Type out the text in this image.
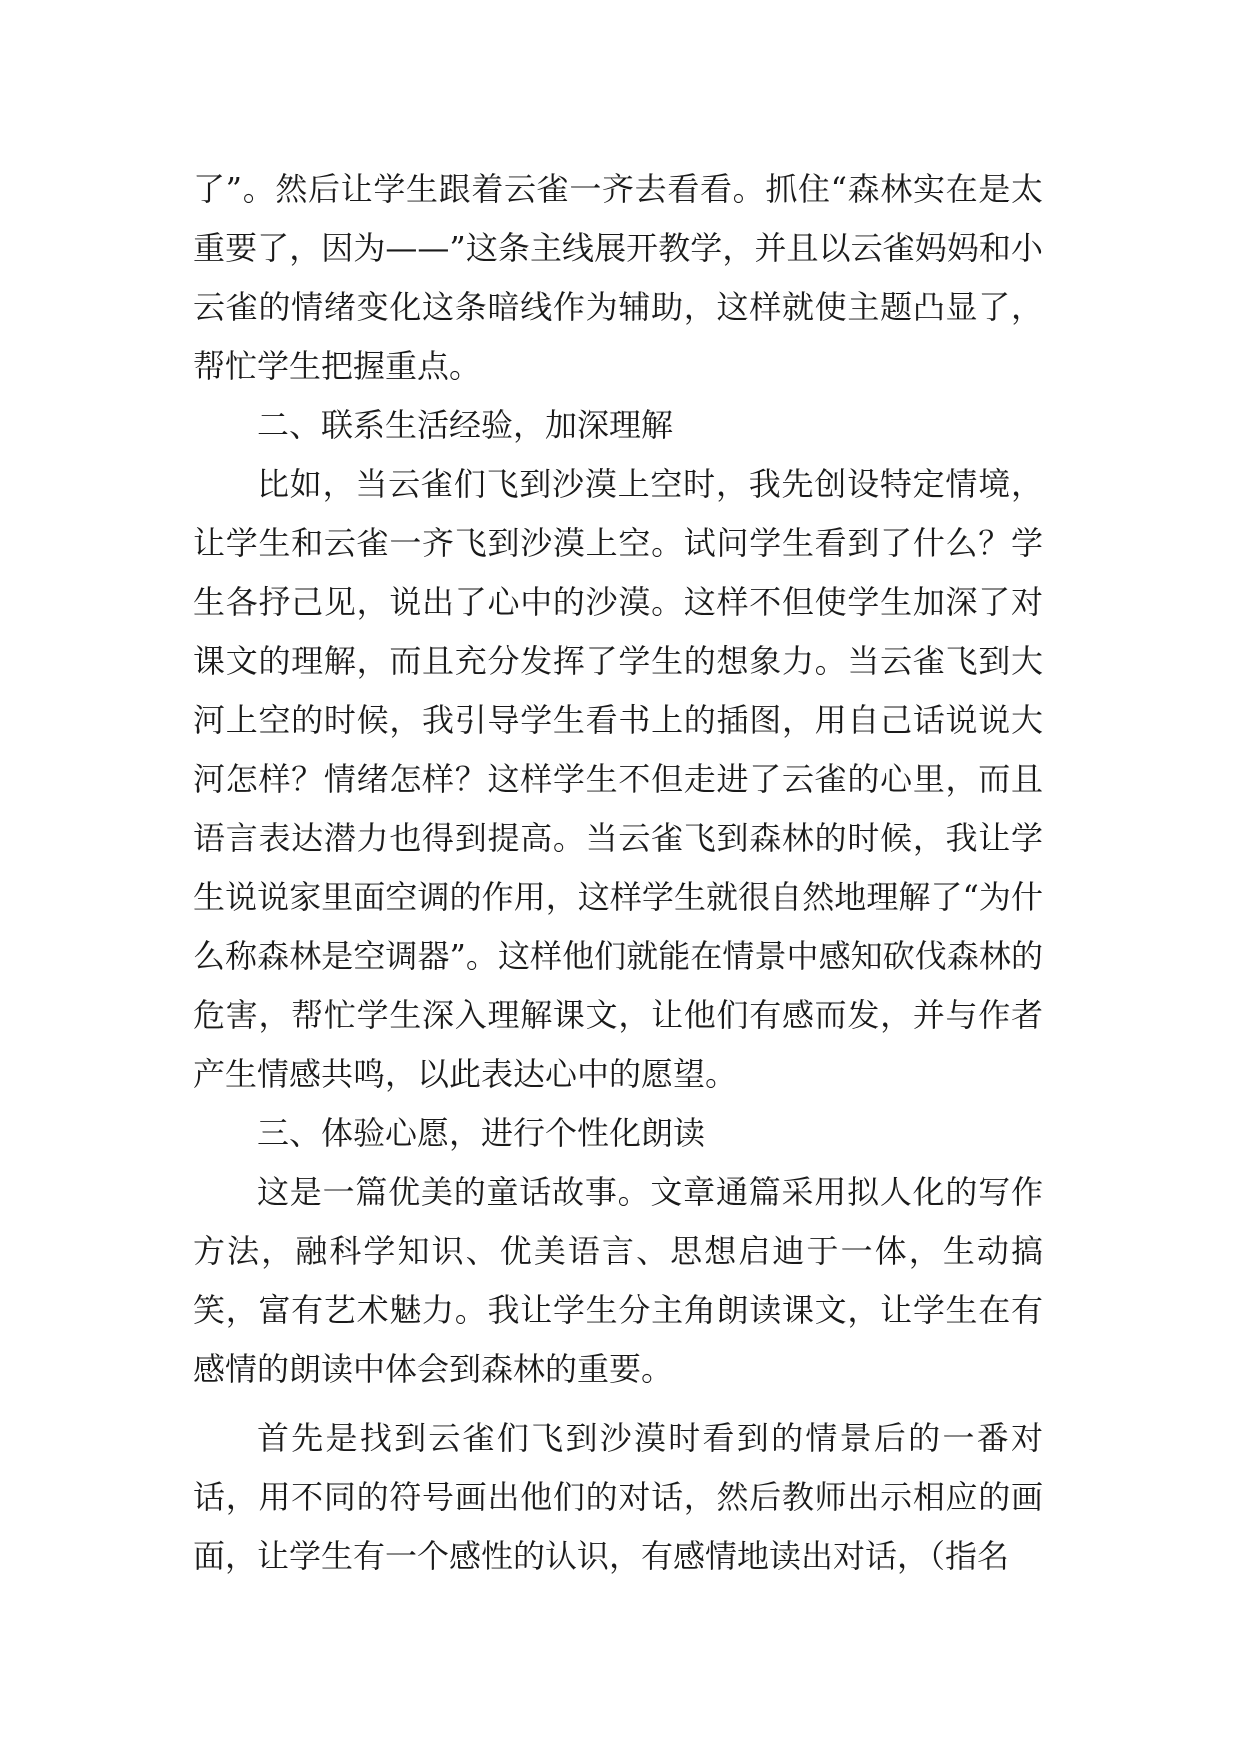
了”。然后让学生跟着云雀一齐去看看。抓住“森林实在是太重要了，因为——”这条主线展开教学，并且以云雀妈妈和小云雀的情绪变化这条暗线作为辅助，这样就使主题凸显了，帮忙学生把握重点。

二、联系生活经验，加深理解

比如，当云雀们飞到沙漠上空时，我先创设特定情境，让学生和云雀一齐飞到沙漠上空。试问学生看到了什么？学生各抒己见，说出了心中的沙漠。这样不但使学生加深了对课文的理解，而且充分发挥了学生的想象力。当云雀飞到大河上空的时候，我引导学生看书上的插图，用自己话说说大河怎样？情绪怎样？这样学生不但走进了云雀的心里，而且语言表达潜力也得到提高。当云雀飞到森林的时候，我让学生说说家里面空调的作用，这样学生就很自然地理解了“为什么称森林是空调器”。这样他们就能在情景中感知砍伐森林的危害，帮忙学生深入理解课文，让他们有感而发，并与作者产生情感共鸣，以此表达心中的愿望。

三、体验心愿，进行个性化朗读

这是一篇优美的童话故事。文章通篇采用拟人化的写作方法，融科学知识、优美语言、思想启迪于一体，生动搞笑，富有艺术魅力。我让学生分主角朗读课文，让学生在有感情的朗读中体会到森林的重要。

首先是找到云雀们飞到沙漠时看到的情景后的一番对话，用不同的符号画出他们的对话，然后教师出示相应的画面，让学生有一个感性的认识，有感情地读出对话，（指名
